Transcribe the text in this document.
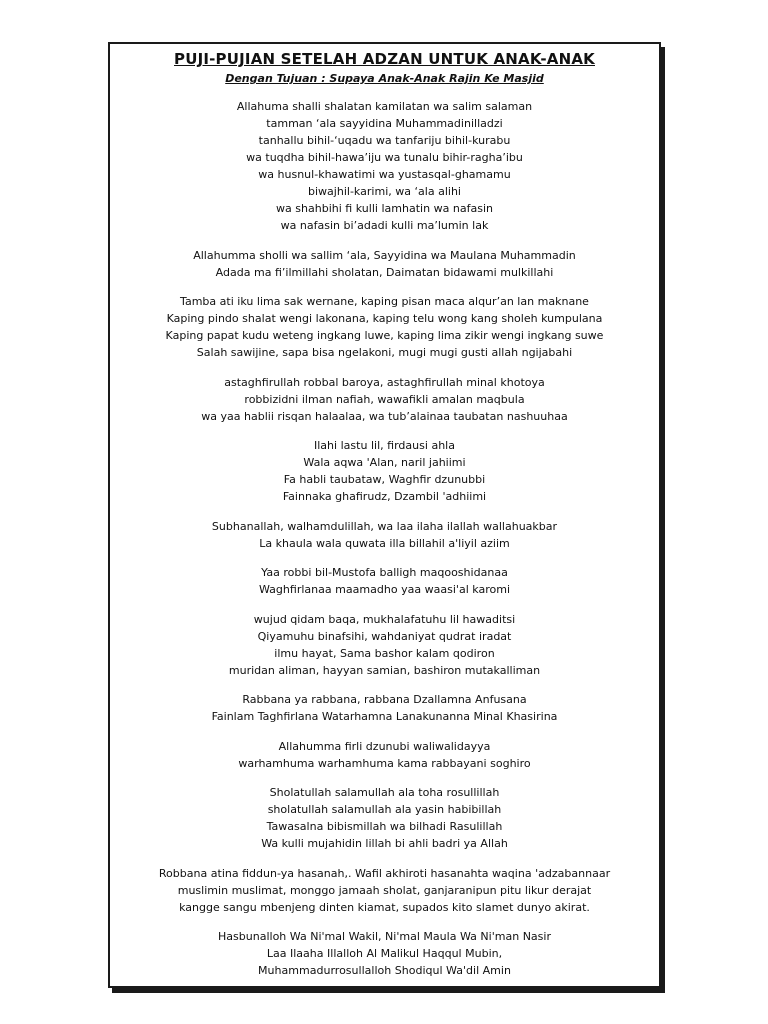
PUJI-PUJIAN SETELAH ADZAN UNTUK ANAK-ANAK
Dengan Tujuan : Supaya Anak-Anak Rajin Ke Masjid
Allahuma shalli shalatan kamilatan wa salim salaman
tamman ‘ala sayyidina Muhammadinilladzi
tanhallu bihil-‘uqadu wa tanfariju bihil-kurabu
wa tuqdha bihil-hawa’iju wa tunalu bihir-ragha’ibu
wa husnul-khawatimi wa yustasqal-ghamamu
biwajhil-karimi, wa ‘ala alihi
wa shahbihi fi kulli lamhatin wa nafasin
wa nafasin bi’adadi kulli ma’lumin lak
Allahumma sholli wa sallim ‘ala, Sayyidina wa Maulana Muhammadin
Adada ma fi’ilmillahi sholatan, Daimatan bidawami mulkillahi
Tamba ati iku lima sak wernane, kaping pisan maca alqur’an lan maknane
Kaping pindo shalat wengi lakonana, kaping telu wong kang sholeh kumpulana
Kaping papat kudu weteng ingkang luwe, kaping lima zikir wengi ingkang suwe
Salah sawijine, sapa bisa ngelakoni, mugi mugi gusti allah ngijabahi
astaghfirullah robbal baroya, astaghfirullah minal khotoya
robbizidni ilman nafiah, wawafikli amalan maqbula
wa yaa hablii risqan halaalaa, wa tub’alainaa taubatan nashuuhaa
Ilahi lastu lil, firdausi ahla
Wala aqwa 'Alan, naril jahiimi
Fa habli taubataw, Waghfir dzunubbi
Fainnaka ghafirudz, Dzambil 'adhiimi
Subhanallah, walhamdulillah, wa laa ilaha ilallah wallahuakbar
La khaula wala quwata illa billahil a'liyil aziim
Yaa robbi bil-Mustofa balligh maqooshidanaa
Waghfirlanaa maamadho yaa waasi'al karomi
wujud qidam baqa, mukhalafatuhu lil hawaditsi
Qiyamuhu binafsihi, wahdaniyat qudrat iradat
ilmu hayat, Sama bashor kalam qodiron
muridan aliman, hayyan samian, bashiron mutakalliman
Rabbana ya rabbana, rabbana Dzallamna Anfusana
Fainlam Taghfirlana Watarhamna Lanakunanna Minal Khasirina
Allahumma firli dzunubi waliwalidayya
warhamhuma warhamhuma kama rabbayani soghiro
Sholatullah salamullah ala toha rosullillah
sholatullah salamullah ala yasin habibillah
Tawasalna bibismillah wa bilhadi Rasulillah
Wa kulli mujahidin lillah bi ahli badri ya Allah
Robbana atina fiddun-ya hasanah,. Wafil akhiroti hasanahta waqina 'adzabannaar
muslimin muslimat, monggo jamaah sholat, ganjaranipun pitu likur derajat
kangge sangu mbenjeng dinten kiamat, supados kito slamet dunyo akirat.
Hasbunalloh Wa Ni'mal Wakil, Ni'mal Maula Wa Ni'man Nasir
Laa Ilaaha Illalloh Al Malikul Haqqul Mubin,
Muhammadurrosullalloh Shodiqul Wa'dil Amin
